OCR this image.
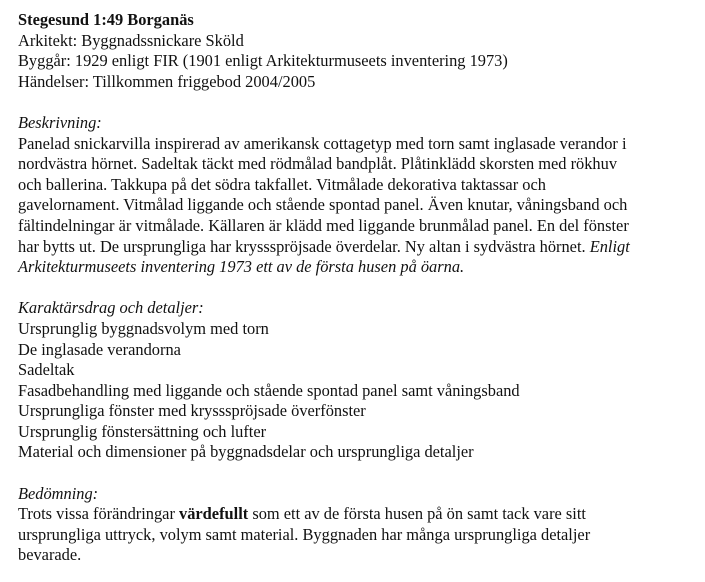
Stegesund 1:49 Borganäs
Arkitekt: Byggnadssnickare Sköld
Byggår: 1929 enligt FIR (1901 enligt Arkitekturmuseets inventering 1973)
Händelser: Tillkommen friggebod 2004/2005
Beskrivning:
Panelad snickarvilla inspirerad av amerikansk cottagetyp med torn samt inglasade verandor i
nordvästra hörnet. Sadeltak täckt med rödmålad bandplåt. Plåtinklädd skorsten med rökhuv
och ballerina. Takkupa på det södra takfallet. Vitmålade dekorativa taktassar och
gavelornament. Vitmålad liggande och stående spontad panel. Även knutar, våningsband och
fältindelningar är vitmålade. Källaren är klädd med liggande brunmålad panel. En del fönster
har bytts ut. De ursprungliga har kryssspröjsade överdelar. Ny altan i sydvästra hörnet. Enligt
Arkitekturmuseets inventering 1973 ett av de första husen på öarna.
Karaktärsdrag och detaljer:
Ursprunglig byggnadsvolym med torn
De inglasade verandorna
Sadeltak
Fasadbehandling med liggande och stående spontad panel samt våningsband
Ursprungliga fönster med kryssspröjsade överfönster
Ursprunglig fönstersättning och lufter
Material och dimensioner på byggnadsdelar och ursprungliga detaljer
Bedömning:
Trots vissa förändringar värdefullt som ett av de första husen på ön samt tack vare sitt
ursprungliga uttryck, volym samt material. Byggnaden har många ursprungliga detaljer
bevarade.
